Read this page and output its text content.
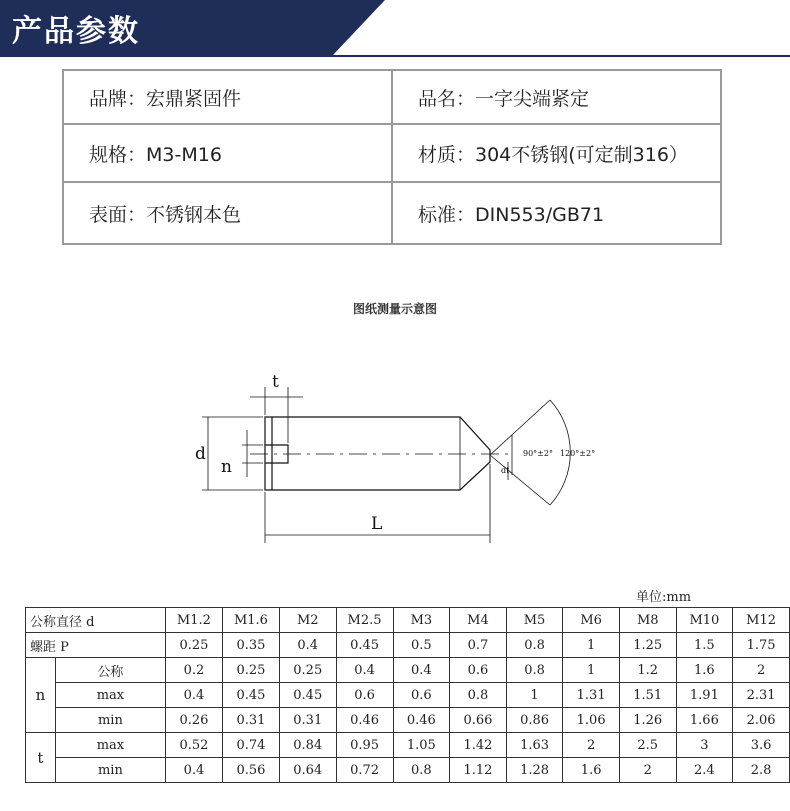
产品参数
品牌：宏鼎紧固件	品名：一字尖端紧定
规格：M3-M16	材质：304不锈钢(可定制316）
表面：不锈钢本色	标准：DIN553/GB71
图纸测量示意图
t
d
n
L
dt
90°±2° 120°±2°
单位:mm
公称直径 d		M1.2	M1.6	M2	M2.5	M3	M4	M5	M6	M8	M10	M12
螺距 P		0.25	0.35	0.4	0.45	0.5	0.7	0.8	1	1.25	1.5	1.75
n	公称	0.2	0.25	0.25	0.4	0.4	0.6	0.8	1	1.2	1.6	2
	max	0.4	0.45	0.45	0.6	0.6	0.8	1	1.31	1.51	1.91	2.31
	min	0.26	0.31	0.31	0.46	0.46	0.66	0.86	1.06	1.26	1.66	2.06
t	max	0.52	0.74	0.84	0.95	1.05	1.42	1.63	2	2.5	3	3.6
	min	0.4	0.56	0.64	0.72	0.8	1.12	1.28	1.6	2	2.4	2.8
